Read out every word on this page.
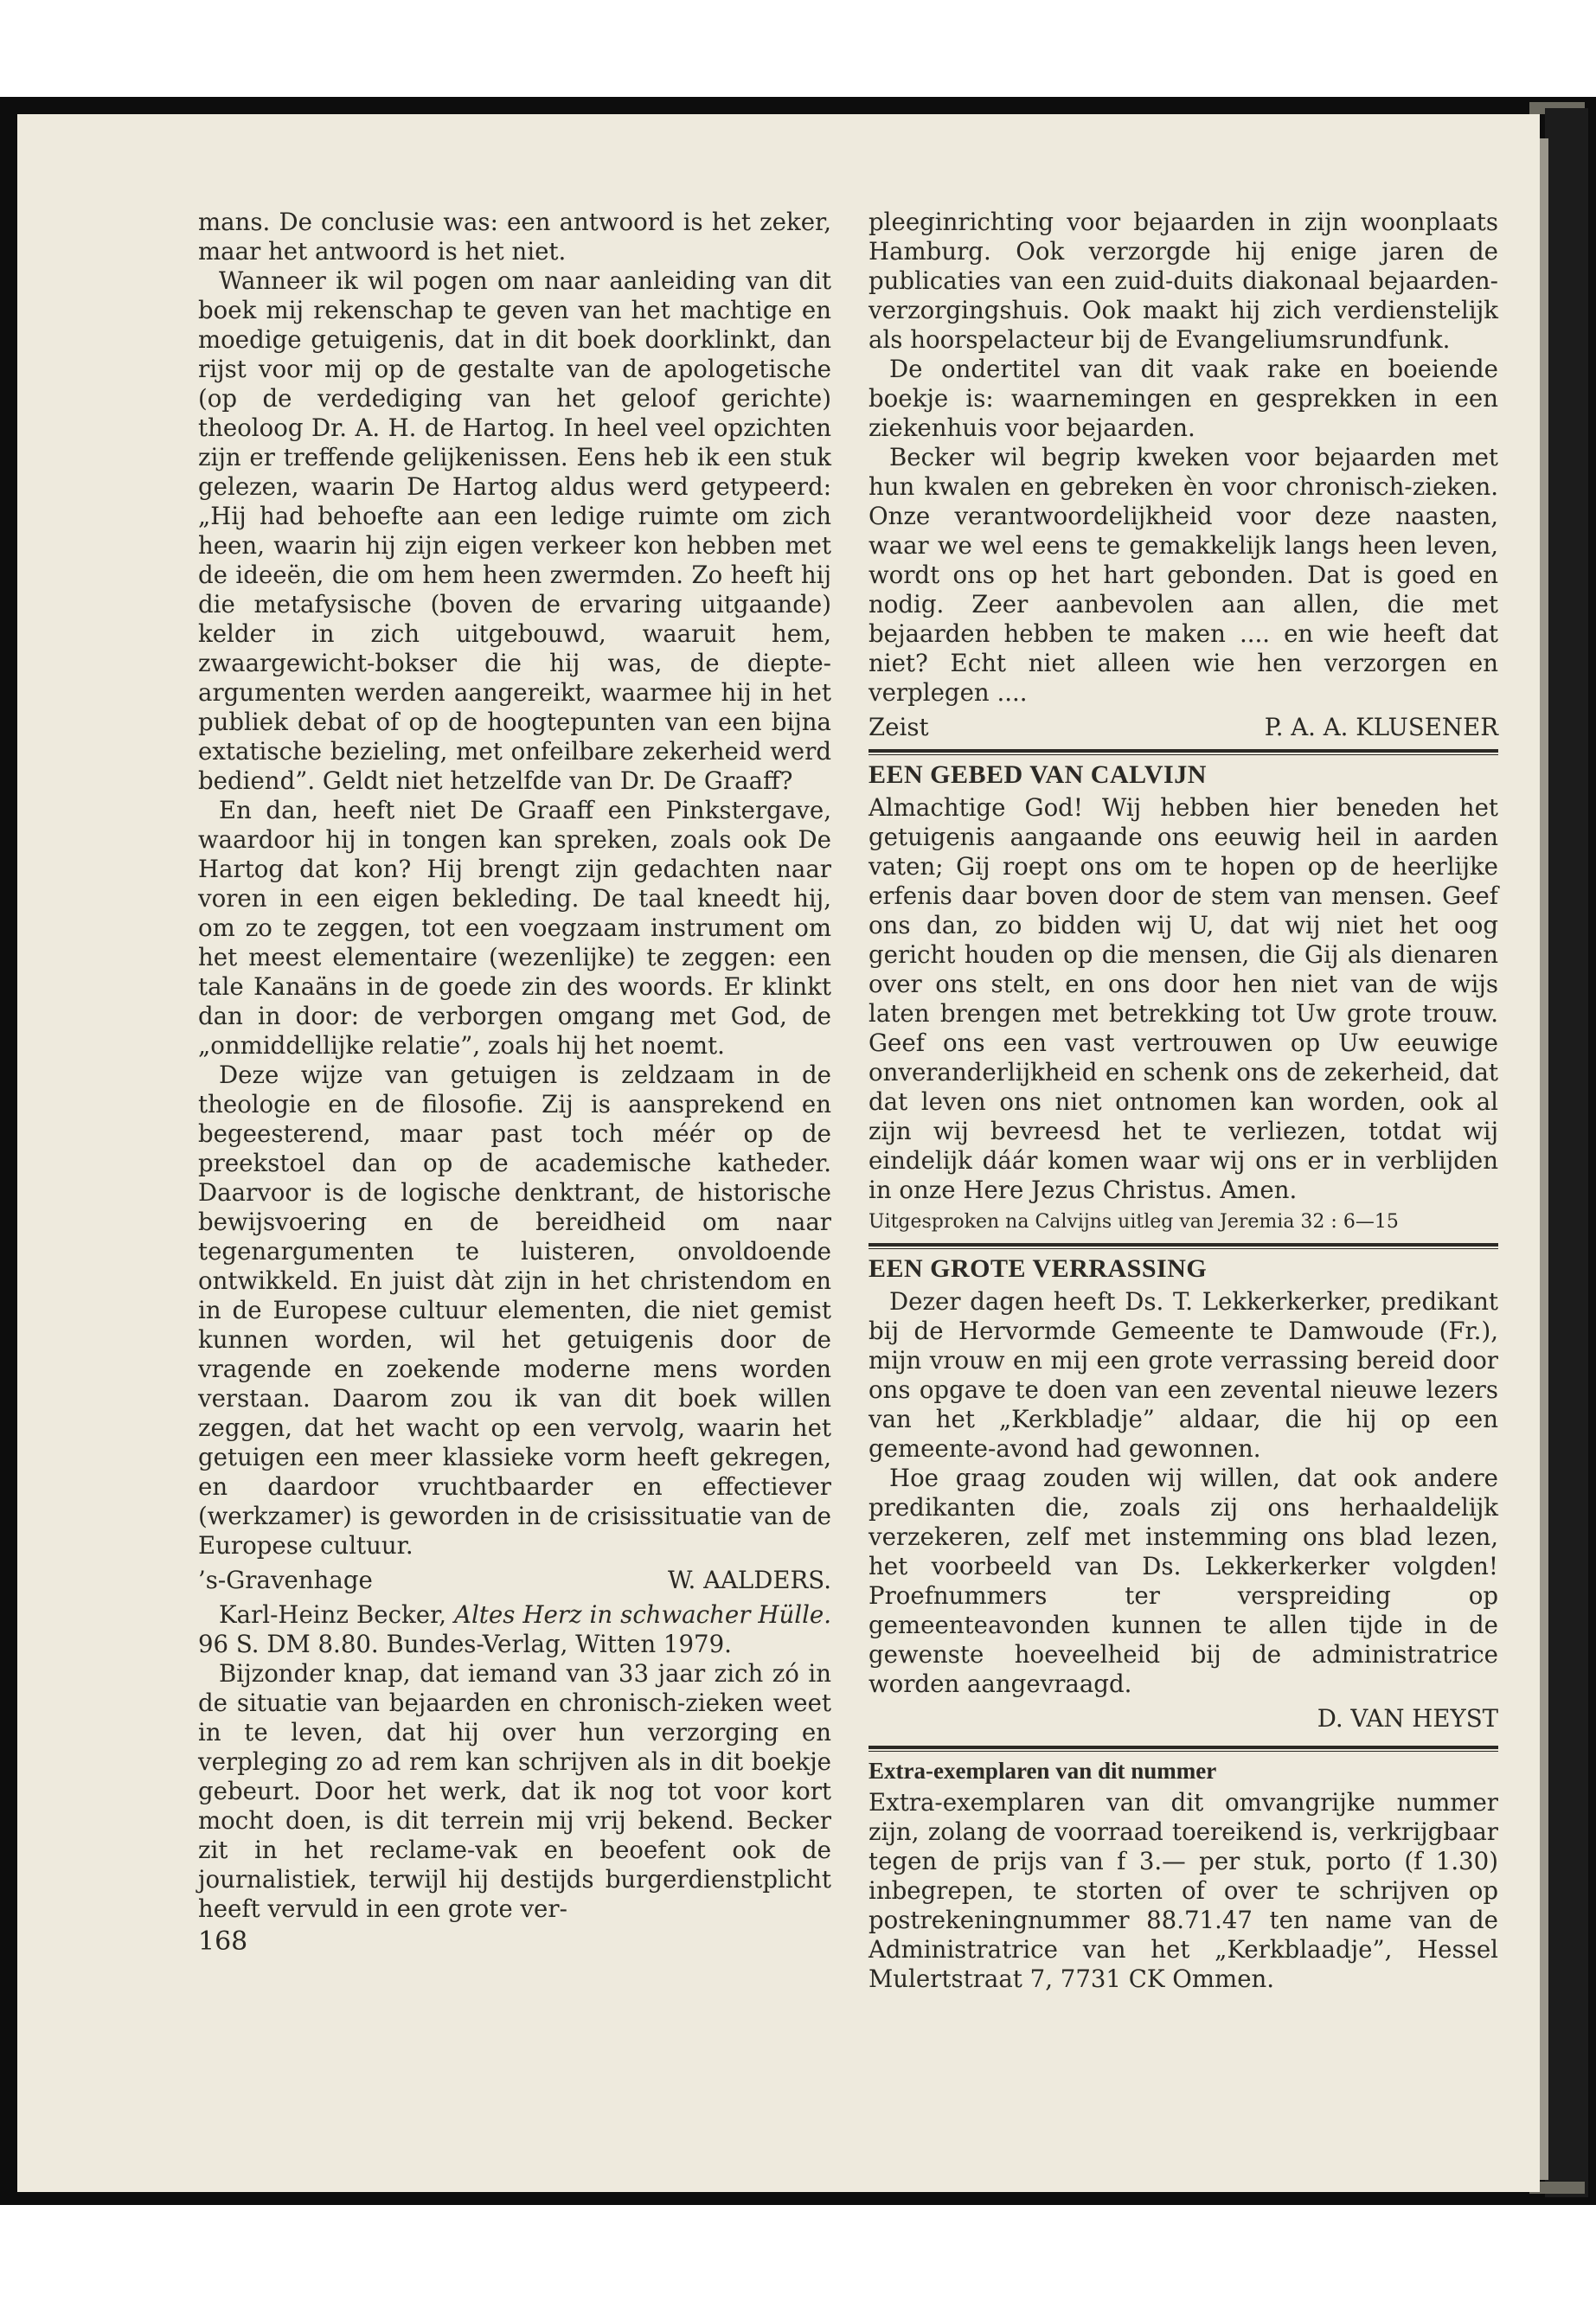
mans. De conclusie was: een antwoord is het zeker, maar het antwoord is het niet.

Wanneer ik wil pogen om naar aanleiding van dit boek mij rekenschap te geven van het machtige en moedige getuigenis, dat in dit boek doorklinkt, dan rijst voor mij op de gestalte van de apologetische (op de verdediging van het geloof gerichte) theoloog Dr. A. H. de Hartog. In heel veel opzichten zijn er treffende gelijkenissen. Eens heb ik een stuk gelezen, waarin De Hartog aldus werd getypeerd: „Hij had behoefte aan een ledige ruimte om zich heen, waarin hij zijn eigen verkeer kon hebben met de ideeën, die om hem heen zwermden. Zo heeft hij die metafysische (boven de ervaring uitgaande) kelder in zich uitgebouwd, waaruit hem, zwaargewicht-bokser die hij was, de diepte-argumenten werden aangereikt, waarmee hij in het publiek debat of op de hoogtepunten van een bijna extatische bezieling, met onfeilbare zekerheid werd bediend”. Geldt niet hetzelfde van Dr. De Graaff?

En dan, heeft niet De Graaff een Pinkstergave, waardoor hij in tongen kan spreken, zoals ook De Hartog dat kon? Hij brengt zijn gedachten naar voren in een eigen bekleding. De taal kneedt hij, om zo te zeggen, tot een voegzaam instrument om het meest elementaire (wezenlijke) te zeggen: een tale Kanaäns in de goede zin des woords. Er klinkt dan in door: de verborgen omgang met God, de „onmiddellijke relatie”, zoals hij het noemt.

Deze wijze van getuigen is zeldzaam in de theologie en de filosofie. Zij is aansprekend en begeesterend, maar past toch méér op de preekstoel dan op de academische katheder. Daarvoor is de logische denktrant, de historische bewijsvoering en de bereidheid om naar tegenargumenten te luisteren, onvoldoende ontwikkeld. En juist dàt zijn in het christendom en in de Europese cultuur elementen, die niet gemist kunnen worden, wil het getuigenis door de vragende en zoekende moderne mens worden verstaan. Daarom zou ik van dit boek willen zeggen, dat het wacht op een vervolg, waarin het getuigen een meer klassieke vorm heeft gekregen, en daardoor vruchtbaarder en effectiever (werkzamer) is geworden in de crisissituatie van de Europese cultuur.

’s-Gravenhage	W. AALDERS.

Karl-Heinz Becker, Altes Herz in schwacher Hülle. 96 S. DM 8.80. Bundes-Verlag, Witten 1979.

Bijzonder knap, dat iemand van 33 jaar zich zó in de situatie van bejaarden en chronisch-zieken weet in te leven, dat hij over hun verzorging en verpleging zo ad rem kan schrijven als in dit boekje gebeurt. Door het werk, dat ik nog tot voor kort mocht doen, is dit terrein mij vrij bekend. Becker zit in het reclame-vak en beoefent ook de journalistiek, terwijl hij destijds burgerdienstplicht heeft vervuld in een grote ver-

168

pleeginrichting voor bejaarden in zijn woonplaats Hamburg. Ook verzorgde hij enige jaren de publicaties van een zuid-duits diakonaal bejaarden-verzorgingshuis. Ook maakt hij zich verdienstelijk als hoorspelacteur bij de Evangeliumsrundfunk.

De ondertitel van dit vaak rake en boeiende boekje is: waarnemingen en gesprekken in een ziekenhuis voor bejaarden.

Becker wil begrip kweken voor bejaarden met hun kwalen en gebreken èn voor chronisch-zieken. Onze verantwoordelijkheid voor deze naasten, waar we wel eens te gemakkelijk langs heen leven, wordt ons op het hart gebonden. Dat is goed en nodig. Zeer aanbevolen aan allen, die met bejaarden hebben te maken .... en wie heeft dat niet? Echt niet alleen wie hen verzorgen en verplegen ....

Zeist	P. A. A. KLUSENER
EEN GEBED VAN CALVIJN

Almachtige God! Wij hebben hier beneden het getuigenis aangaande ons eeuwig heil in aarden vaten; Gij roept ons om te hopen op de heerlijke erfenis daar boven door de stem van mensen. Geef ons dan, zo bidden wij U, dat wij niet het oog gericht houden op die mensen, die Gij als dienaren over ons stelt, en ons door hen niet van de wijs laten brengen met betrekking tot Uw grote trouw. Geef ons een vast vertrouwen op Uw eeuwige onveranderlijkheid en schenk ons de zekerheid, dat dat leven ons niet ontnomen kan worden, ook al zijn wij bevreesd het te verliezen, totdat wij eindelijk dáár komen waar wij ons er in verblijden in onze Here Jezus Christus. Amen.

Uitgesproken na Calvijns uitleg van Jeremia 32 : 6—15
EEN GROTE VERRASSING

Dezer dagen heeft Ds. T. Lekkerkerker, predikant bij de Hervormde Gemeente te Damwoude (Fr.), mijn vrouw en mij een grote verrassing bereid door ons opgave te doen van een zevental nieuwe lezers van het „Kerkbladje” aldaar, die hij op een gemeente-avond had gewonnen.

Hoe graag zouden wij willen, dat ook andere predikanten die, zoals zij ons herhaaldelijk verzekeren, zelf met instemming ons blad lezen, het voorbeeld van Ds. Lekkerkerker volgden! Proefnummers ter verspreiding op gemeenteavonden kunnen te allen tijde in de gewenste hoeveelheid bij de administratrice worden aangevraagd.

D. VAN HEYST
Extra-exemplaren van dit nummer

Extra-exemplaren van dit omvangrijke nummer zijn, zolang de voorraad toereikend is, verkrijgbaar tegen de prijs van f 3.— per stuk, porto (f 1.30) inbegrepen, te storten of over te schrijven op postrekeningnummer 88.71.47 ten name van de Administratrice van het „Kerkblaadje”, Hessel Mulertstraat 7, 7731 CK Ommen.
